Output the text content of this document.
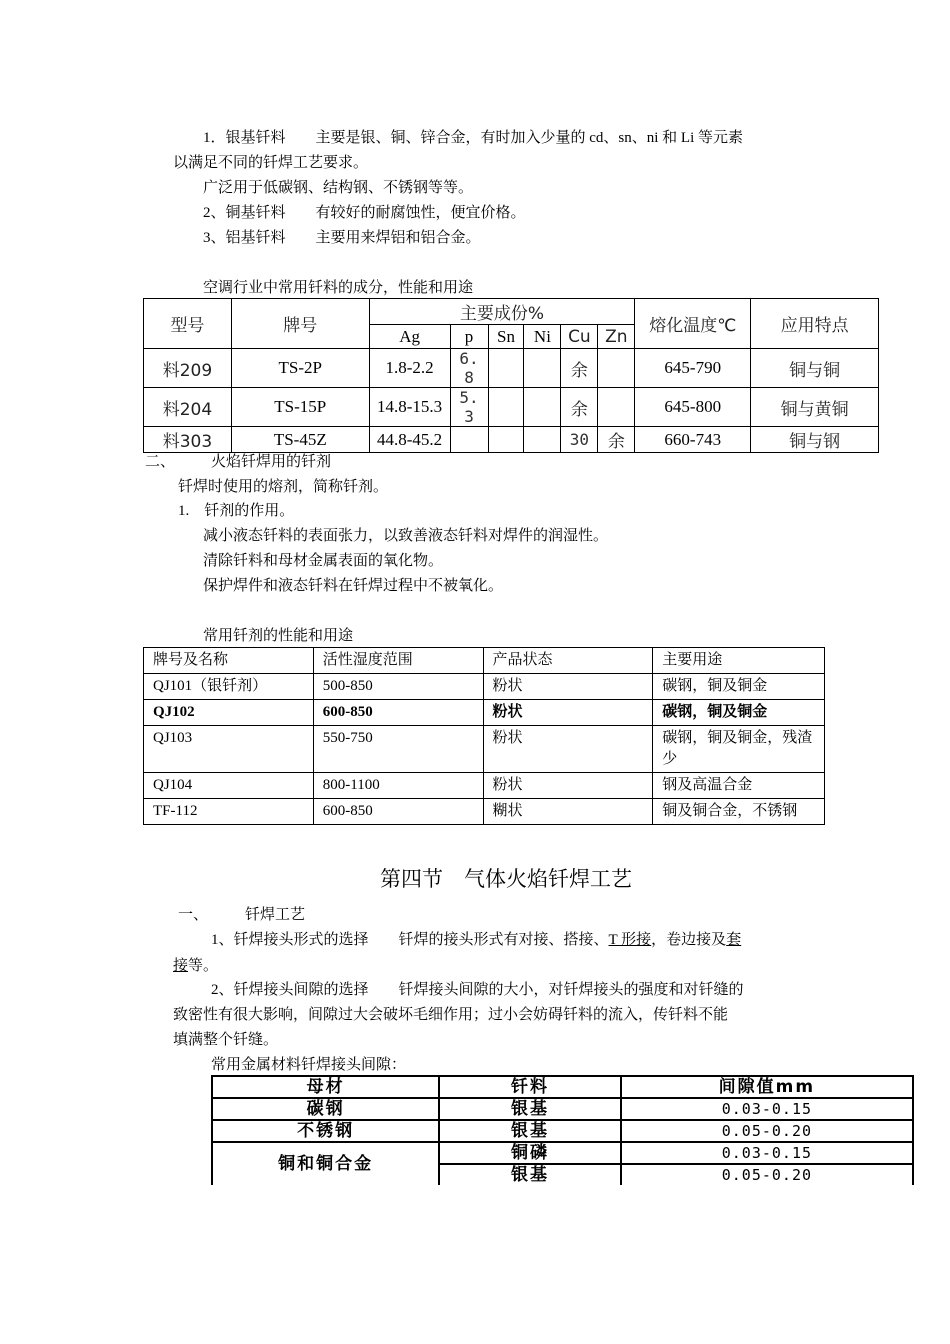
1．银基钎料　　主要是银、铜、锌合金，有时加入少量的 cd、sn、ni 和 Li 等元素
以满足不同的钎焊工艺要求。
广泛用于低碳钢、结构钢、不锈钢等等。
2、铜基钎料　　有较好的耐腐蚀性，便宜价格。
3、铝基钎料　　主要用来焊铝和铝合金。
空调行业中常用钎料的成分，性能和用途
型号	牌号	主要成份%						熔化温度℃	应用特点
		Ag	p	Sn	Ni	Cu	Zn		
料209	TS-2P	1.8-2.2	6. 8			余		645-790	铜与铜
料204	TS-15P	14.8-15.3	5. 3			余		645-800	铜与黄铜
料303	TS-45Z	44.8-45.2				30	余	660-743	铜与钢
二、 火焰钎焊用的钎剂
钎焊时使用的熔剂，简称钎剂。
1.　钎剂的作用。
减小液态钎料的表面张力，以致善液态钎料对焊件的润湿性。
清除钎料和母材金属表面的氧化物。
保护焊件和液态钎料在钎焊过程中不被氧化。
常用钎剂的性能和用途
牌号及名称	活性湿度范围	产品状态	主要用途
QJ101（银钎剂）	500-850	粉状	碳钢，铜及铜金
QJ102	600-850	粉状	碳钢，铜及铜金
QJ103	550-750	粉状	碳钢，铜及铜金，残渣少
QJ104	800-1100	粉状	钢及高温合金
TF-112	600-850	糊状	铜及铜合金，不锈钢
第四节　气体火焰钎焊工艺
一、 钎焊工艺
1、钎焊接头形式的选择　　钎焊的接头形式有对接、搭接、T 形接，卷边接及套
接等。
2、钎焊接头间隙的选择　　钎焊接头间隙的大小，对钎焊接头的强度和对钎缝的
致密性有很大影响，间隙过大会破坏毛细作用；过小会妨碍钎料的流入，传钎料不能
填满整个钎缝。
常用金属材料钎焊接头间隙：
母材	钎料	间隙值mm
碳钢	银基	0.03-0.15
不锈钢	银基	0.05-0.20
铜和铜合金	铜磷	0.03-0.15
	银基	0.05-0.20
